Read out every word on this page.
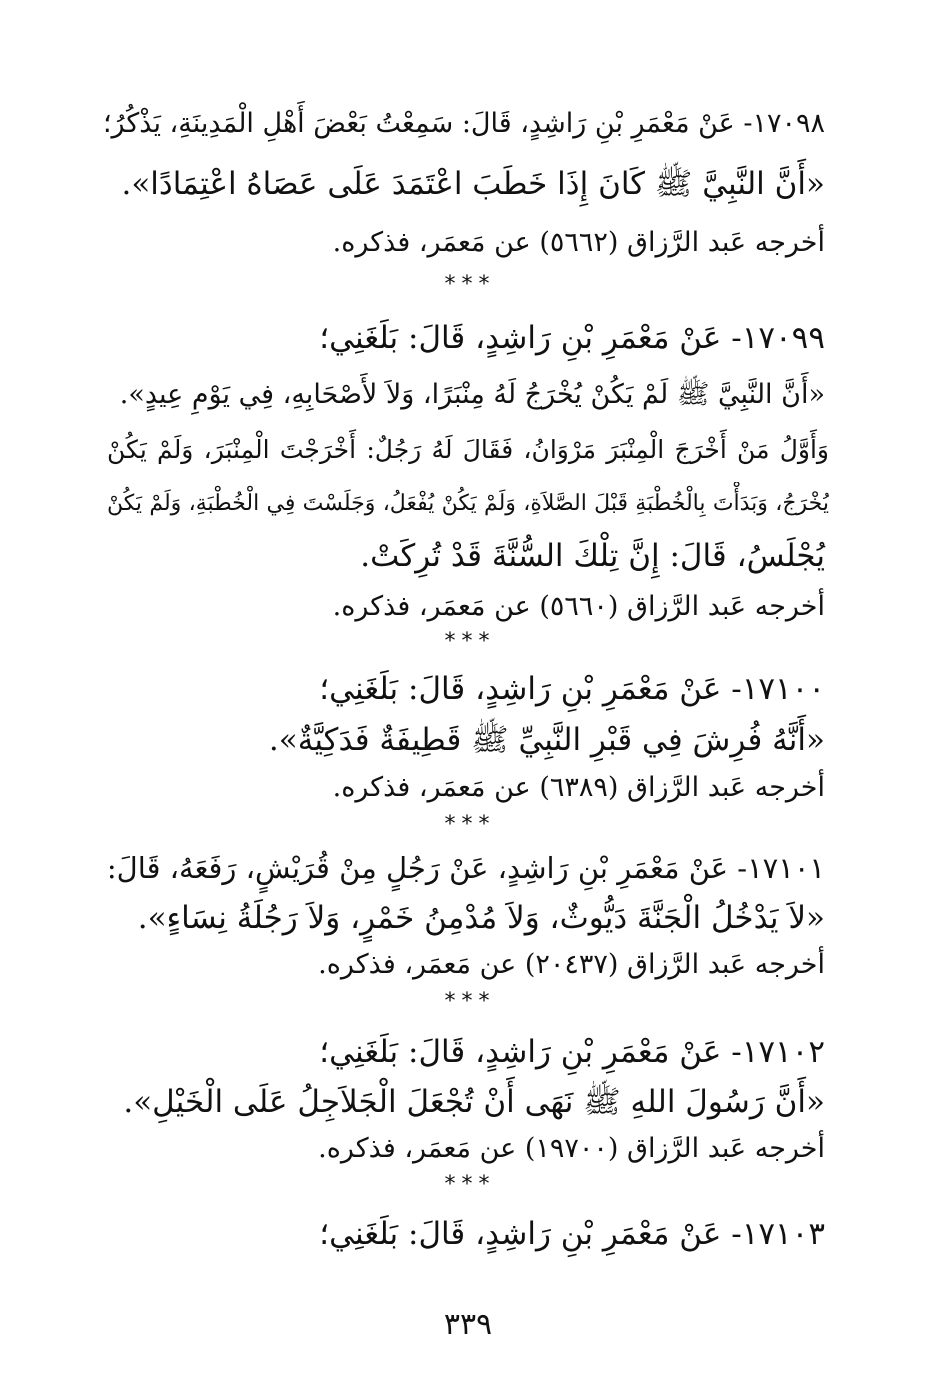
١٧٠٩٨- عَنْ مَعْمَرِ بْنِ رَاشِدٍ، قَالَ: سَمِعْتُ بَعْضَ أَهْلِ الْمَدِينَةِ، يَذْكُرُ؛

«أَنَّ النَّبِيَّ ﷺ كَانَ إِذَا خَطَبَ اعْتَمَدَ عَلَى عَصَاهُ اعْتِمَادًا».

أخرجه عَبد الرَّزاق (٥٦٦٢) عن مَعمَر، فذكره.

***

١٧٠٩٩- عَنْ مَعْمَرِ بْنِ رَاشِدٍ، قَالَ: بَلَغَنِي؛

«أَنَّ النَّبِيَّ ﷺ لَمْ يَكُنْ يُخْرَجُ لَهُ مِنْبَرًا، وَلاَ لأَصْحَابِهِ، فِي يَوْمِ عِيدٍ».

وَأَوَّلُ مَنْ أَخْرَجَ الْمِنْبَرَ مَرْوَانُ، فَقَالَ لَهُ رَجُلٌ: أَخْرَجْتَ الْمِنْبَرَ، وَلَمْ يَكُنْ

يُخْرَجُ، وَبَدَأْتَ بِالْخُطْبَةِ قَبْلَ الصَّلاَةِ، وَلَمْ يَكُنْ يُفْعَلُ، وَجَلَسْتَ فِي الْخُطْبَةِ، وَلَمْ يَكُنْ

يُجْلَسُ، قَالَ: إِنَّ تِلْكَ السُّنَّةَ قَدْ تُرِكَتْ.

أخرجه عَبد الرَّزاق (٥٦٦٠) عن مَعمَر، فذكره.

***

١٧١٠٠- عَنْ مَعْمَرِ بْنِ رَاشِدٍ، قَالَ: بَلَغَنِي؛

«أَنَّهُ فُرِشَ فِي قَبْرِ النَّبِيِّ ﷺ قَطِيفَةٌ فَدَكِيَّةٌ».

أخرجه عَبد الرَّزاق (٦٣٨٩) عن مَعمَر، فذكره.

***

١٧١٠١- عَنْ مَعْمَرِ بْنِ رَاشِدٍ، عَنْ رَجُلٍ مِنْ قُرَيْشٍ، رَفَعَهُ، قَالَ:

«لاَ يَدْخُلُ الْجَنَّةَ دَيُّوثٌ، وَلاَ مُدْمِنُ خَمْرٍ، وَلاَ رَجُلَةُ نِسَاءٍ».

أخرجه عَبد الرَّزاق (٢٠٤٣٧) عن مَعمَر، فذكره.

***

١٧١٠٢- عَنْ مَعْمَرِ بْنِ رَاشِدٍ، قَالَ: بَلَغَنِي؛

«أَنَّ رَسُولَ اللهِ ﷺ نَهَى أَنْ تُجْعَلَ الْجَلاَجِلُ عَلَى الْخَيْلِ».

أخرجه عَبد الرَّزاق (١٩٧٠٠) عن مَعمَر، فذكره.

***

١٧١٠٣- عَنْ مَعْمَرِ بْنِ رَاشِدٍ، قَالَ: بَلَغَنِي؛

٣٣٩
